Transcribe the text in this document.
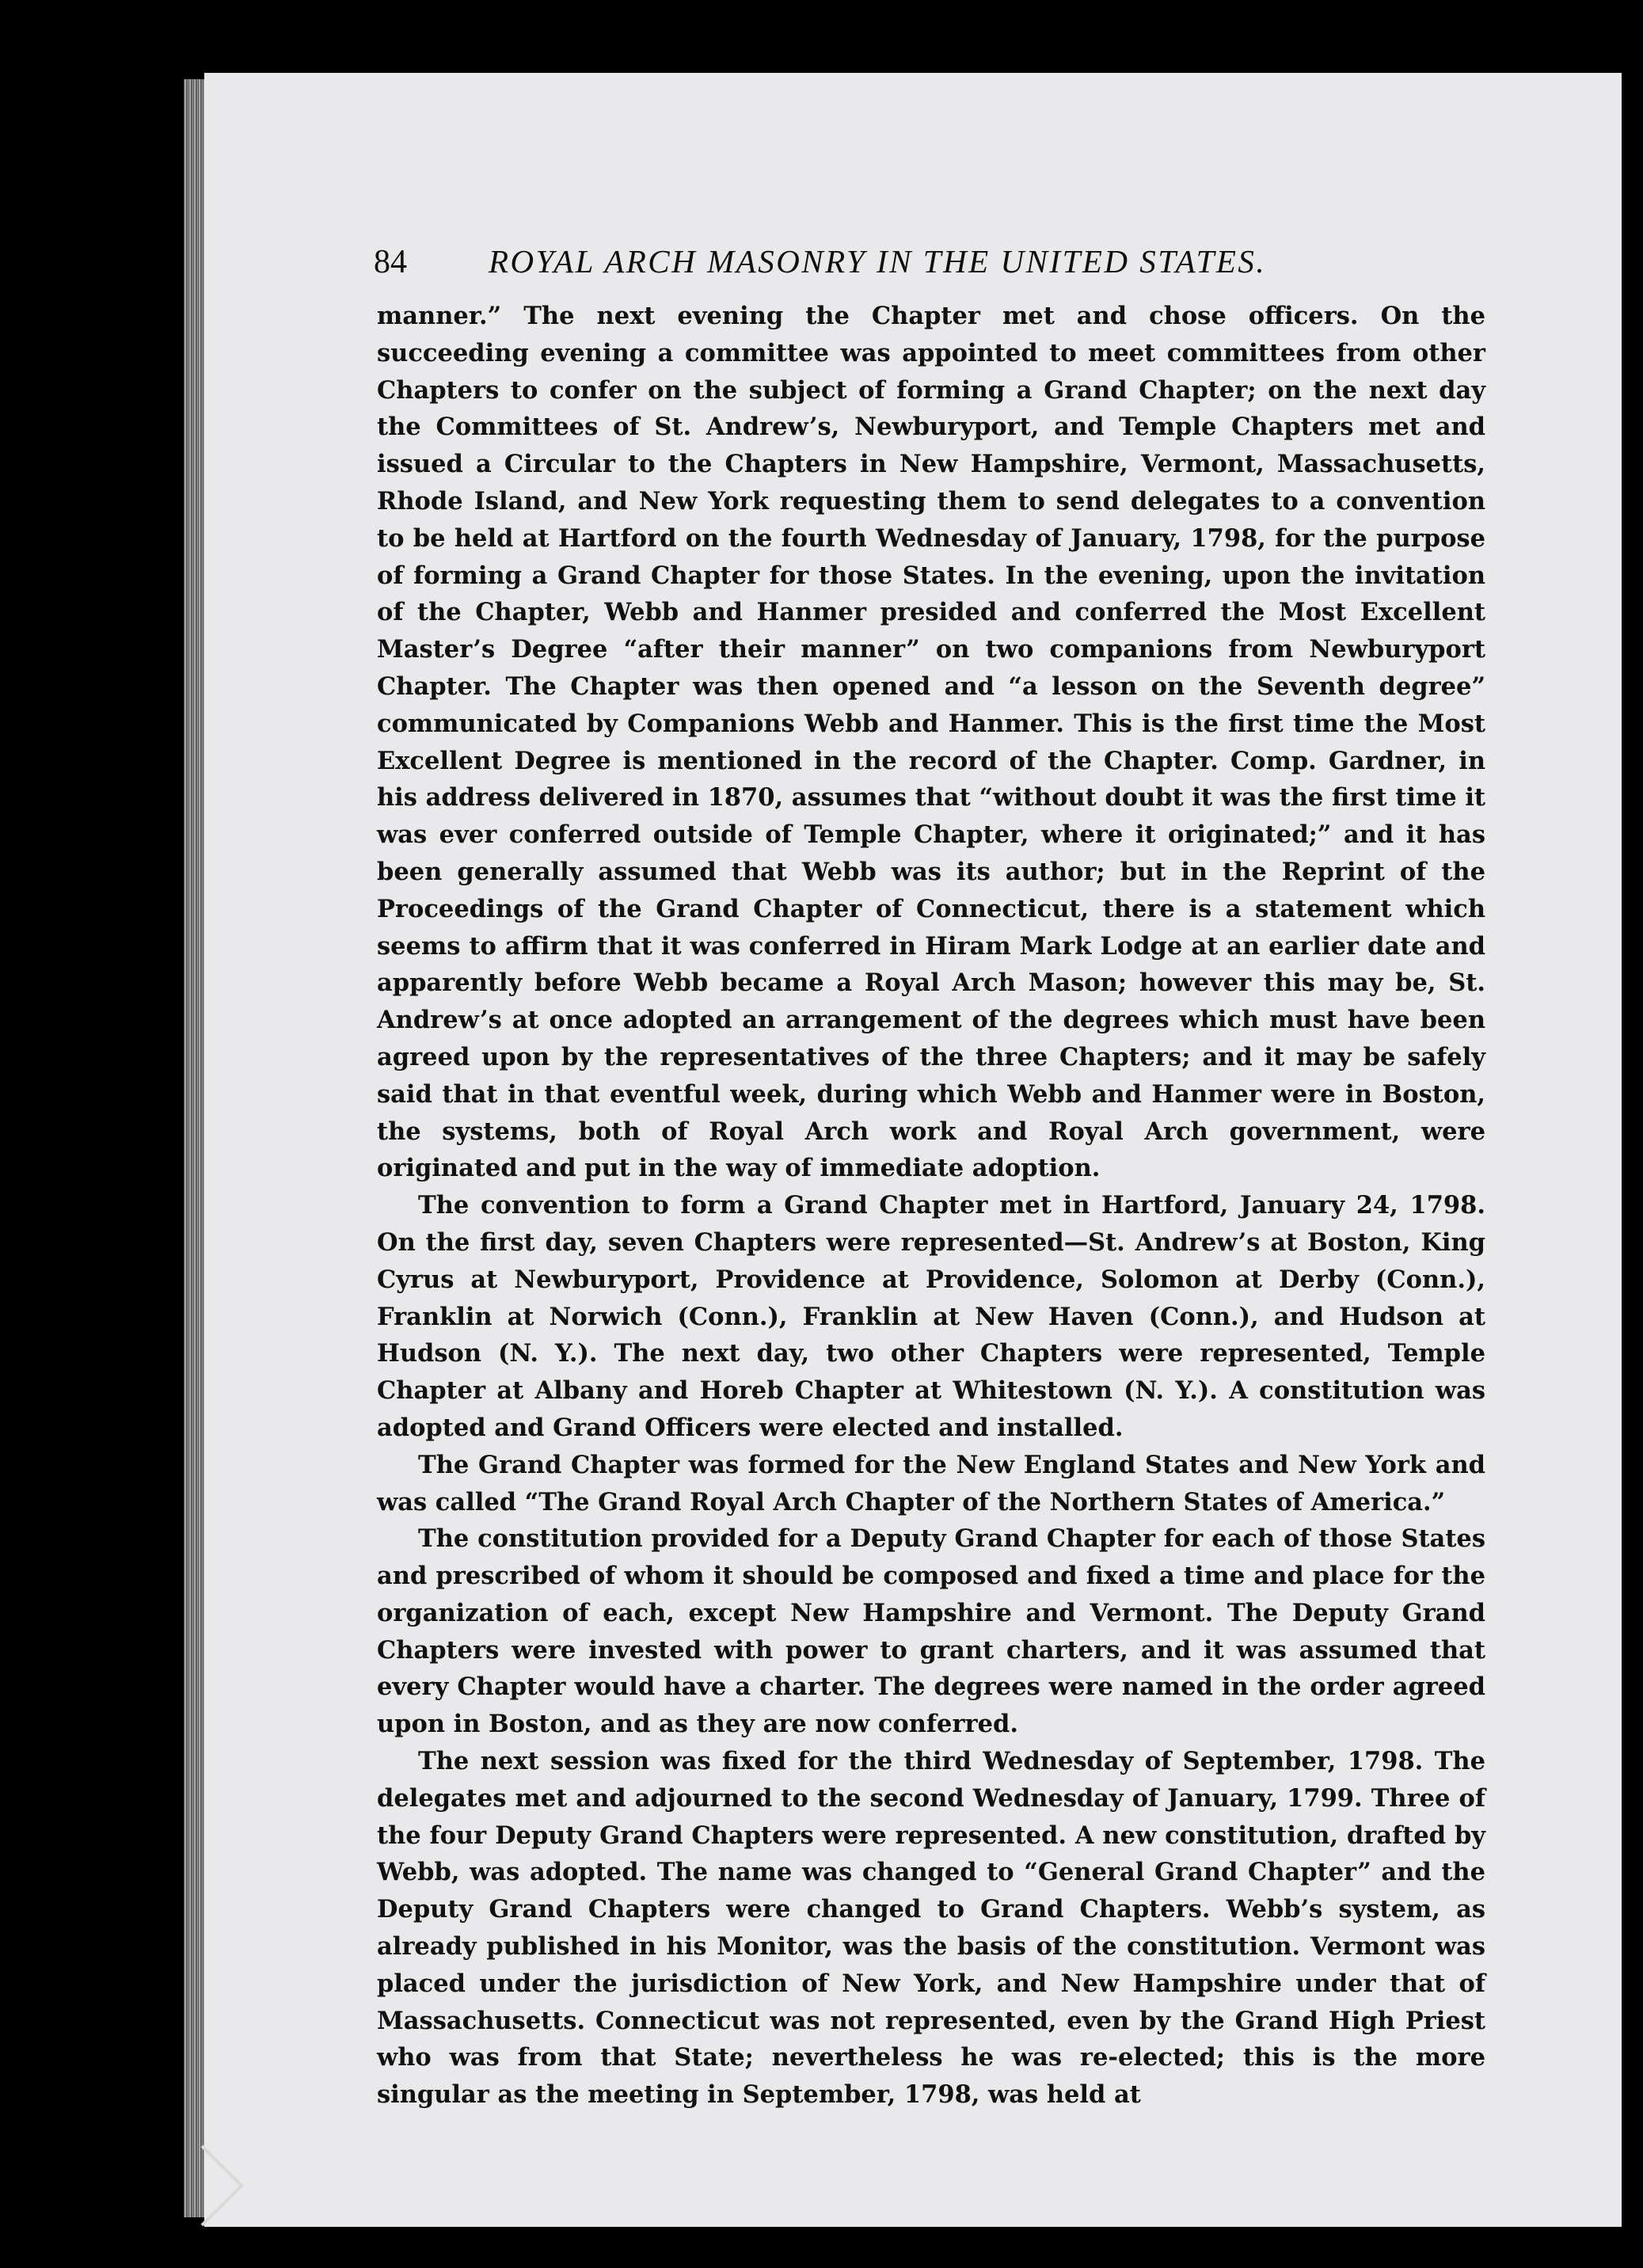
84	ROYAL ARCH MASONRY IN THE UNITED STATES.

manner.” The next evening the Chapter met and chose officers. On the succeeding evening a committee was appointed to meet committees from other Chapters to confer on the subject of forming a Grand Chapter; on the next day the Committees of St. Andrew’s, Newburyport, and Temple Chapters met and issued a Circular to the Chapters in New Hampshire, Vermont, Massachusetts, Rhode Island, and New York requesting them to send delegates to a convention to be held at Hartford on the fourth Wednesday of January, 1798, for the purpose of forming a Grand Chapter for those States. In the evening, upon the invitation of the Chapter, Webb and Hanmer presided and conferred the Most Excellent Master’s Degree “after their manner” on two companions from Newburyport Chapter. The Chapter was then opened and “a lesson on the Seventh degree” communicated by Companions Webb and Hanmer. This is the first time the Most Excellent Degree is mentioned in the record of the Chapter. Comp. Gardner, in his address delivered in 1870, assumes that “without doubt it was the first time it was ever conferred outside of Temple Chapter, where it originated;” and it has been generally assumed that Webb was its author; but in the Reprint of the Proceedings of the Grand Chapter of Connecticut, there is a statement which seems to affirm that it was conferred in Hiram Mark Lodge at an earlier date and apparently before Webb became a Royal Arch Mason; however this may be, St. Andrew’s at once adopted an arrangement of the degrees which must have been agreed upon by the representatives of the three Chapters; and it may be safely said that in that eventful week, during which Webb and Hanmer were in Boston, the systems, both of Royal Arch work and Royal Arch government, were originated and put in the way of immediate adoption.

The convention to form a Grand Chapter met in Hartford, January 24, 1798. On the first day, seven Chapters were represented—St. Andrew’s at Boston, King Cyrus at Newburyport, Providence at Providence, Solomon at Derby (Conn.), Franklin at Norwich (Conn.), Franklin at New Haven (Conn.), and Hudson at Hudson (N. Y.). The next day, two other Chapters were represented, Temple Chapter at Albany and Horeb Chapter at Whitestown (N. Y.). A constitution was adopted and Grand Officers were elected and installed.

The Grand Chapter was formed for the New England States and New York and was called “The Grand Royal Arch Chapter of the Northern States of America.”

The constitution provided for a Deputy Grand Chapter for each of those States and prescribed of whom it should be composed and fixed a time and place for the organization of each, except New Hampshire and Vermont. The Deputy Grand Chapters were invested with power to grant charters, and it was assumed that every Chapter would have a charter. The degrees were named in the order agreed upon in Boston, and as they are now conferred.

The next session was fixed for the third Wednesday of September, 1798. The delegates met and adjourned to the second Wednesday of January, 1799. Three of the four Deputy Grand Chapters were represented. A new constitution, drafted by Webb, was adopted. The name was changed to “General Grand Chapter” and the Deputy Grand Chapters were changed to Grand Chapters. Webb’s system, as already published in his Monitor, was the basis of the constitution. Vermont was placed under the jurisdiction of New York, and New Hampshire under that of Massachusetts. Connecticut was not represented, even by the Grand High Priest who was from that State; nevertheless he was re-elected; this is the more singular as the meeting in September, 1798, was held at
